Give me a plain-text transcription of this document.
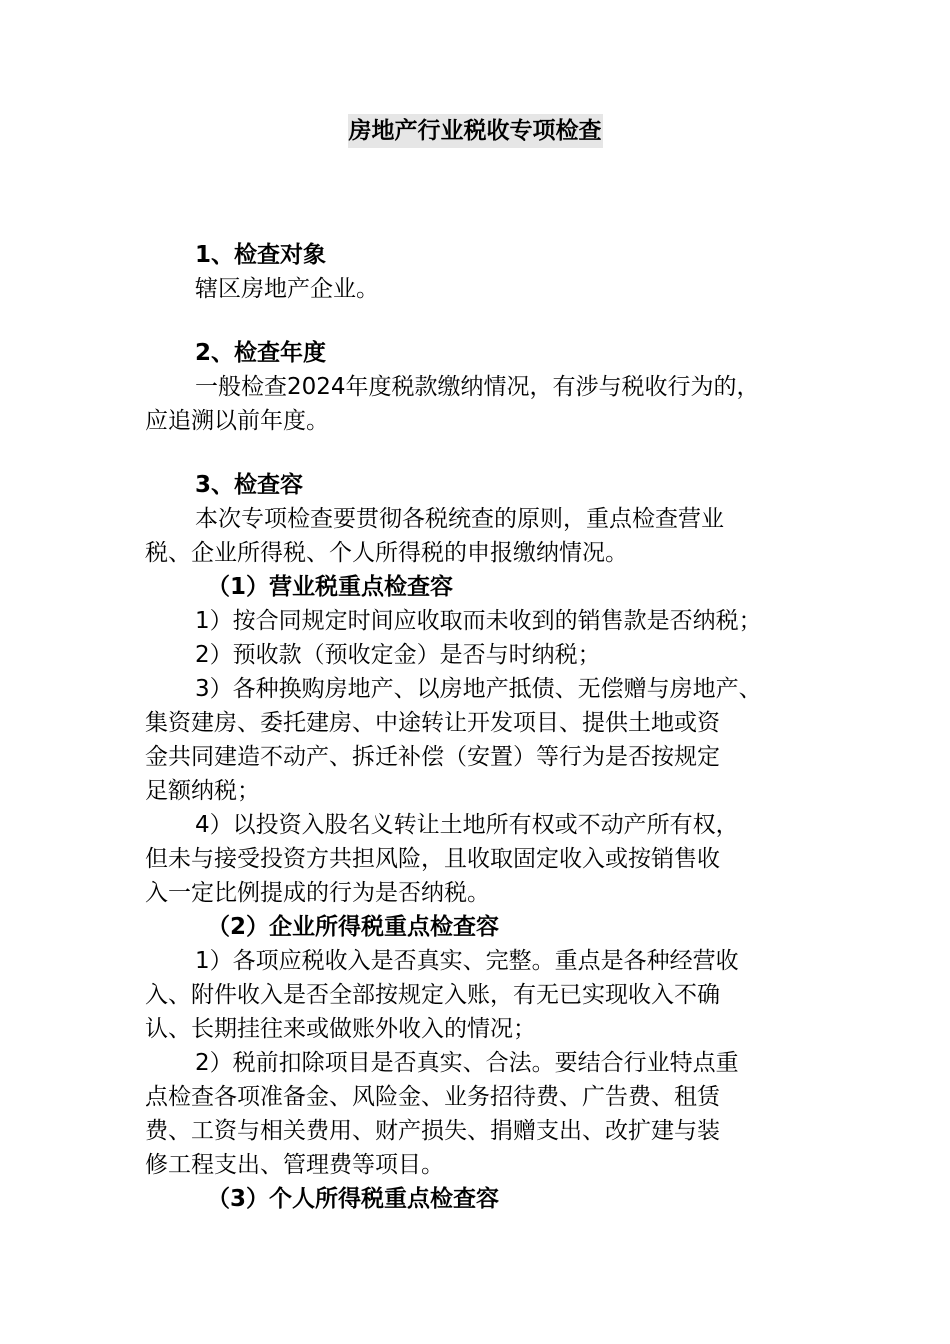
房地产行业税收专项检查
1、检查对象
辖区房地产企业。
2、检查年度
一般检查2024年度税款缴纳情况，有涉与税收行为的，
应追溯以前年度。
3、检查容
本次专项检查要贯彻各税统查的原则，重点检查营业
税、企业所得税、个人所得税的申报缴纳情况。
（1）营业税重点检查容
1）按合同规定时间应收取而未收到的销售款是否纳税；
2）预收款（预收定金）是否与时纳税；
3）各种换购房地产、以房地产抵债、无偿赠与房地产、
集资建房、委托建房、中途转让开发项目、提供土地或资
金共同建造不动产、拆迁补偿（安置）等行为是否按规定
足额纳税；
4）以投资入股名义转让土地所有权或不动产所有权，
但未与接受投资方共担风险，且收取固定收入或按销售收
入一定比例提成的行为是否纳税。
（2）企业所得税重点检查容
1）各项应税收入是否真实、完整。重点是各种经营收
入、附件收入是否全部按规定入账，有无已实现收入不确
认、长期挂往来或做账外收入的情况；
2）税前扣除项目是否真实、合法。要结合行业特点重
点检查各项准备金、风险金、业务招待费、广告费、租赁
费、工资与相关费用、财产损失、捐赠支出、改扩建与装
修工程支出、管理费等项目。
（3）个人所得税重点检查容
